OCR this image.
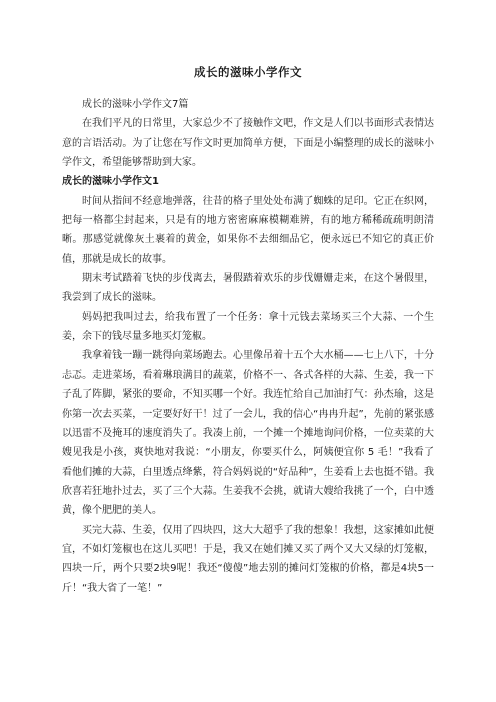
成长的滋味小学作文

成长的滋味小学作文7篇

在我们平凡的日常里，大家总少不了接触作文吧，作文是人们以书面形式表情达意的言语活动。为了让您在写作文时更加简单方便，下面是小编整理的成长的滋味小学作文，希望能够帮助到大家。

成长的滋味小学作文1

时间从指间不经意地弹落，往昔的格子里处处布满了蜘蛛的足印。它正在织网，把每一格都尘封起来，只是有的地方密密麻麻模糊难辨，有的地方稀稀疏疏明朗清晰。那感觉就像灰土裹着的黄金，如果你不去细细品它，便永远已不知它的真正价值，那就是成长的故事。

期末考试踏着飞快的步伐离去，暑假踏着欢乐的步伐姗姗走来，在这个暑假里，我尝到了成长的滋味。

妈妈把我叫过去，给我布置了一个任务：拿十元钱去菜场买三个大蒜、一个生姜，余下的钱尽量多地买灯笼椒。

我拿着钱一蹦一跳得向菜场跑去。心里像吊着十五个大水桶——七上八下，十分忐忑。走进菜场，看着琳琅满目的蔬菜，价格不一、各式各样的大蒜、生姜，我一下子乱了阵脚，紧张的要命，不知买哪一个好。我连忙给自己加油打气：孙杰瑜，这是你第一次去买菜，一定要好好干！过了一会儿，我的信心“冉冉升起”，先前的紧张感以迅雷不及掩耳的速度消失了。我凑上前，一个摊一个摊地询问价格，一位卖菜的大嫂见我是小孩，爽快地对我说：“小朋友，你要买什么，阿姨便宜你 5 毛！”我看了看他们摊的大蒜，白里透点绛紫，符合妈妈说的“好品种”，生姜看上去也挺不错。我欣喜若狂地扑过去，买了三个大蒜。生姜我不会挑，就请大嫂给我挑了一个，白中透黄，像个肥肥的美人。

买完大蒜、生姜，仅用了四块四，这大大超乎了我的想象！我想，这家摊如此便宜，不如灯笼椒也在这儿买吧！于是，我又在她们摊又买了两个又大又绿的灯笼椒，四块一斤，两个只要2块9呢！我还“傻傻”地去别的摊问灯笼椒的价格，都是4块5一斤！“我大省了一笔！”
